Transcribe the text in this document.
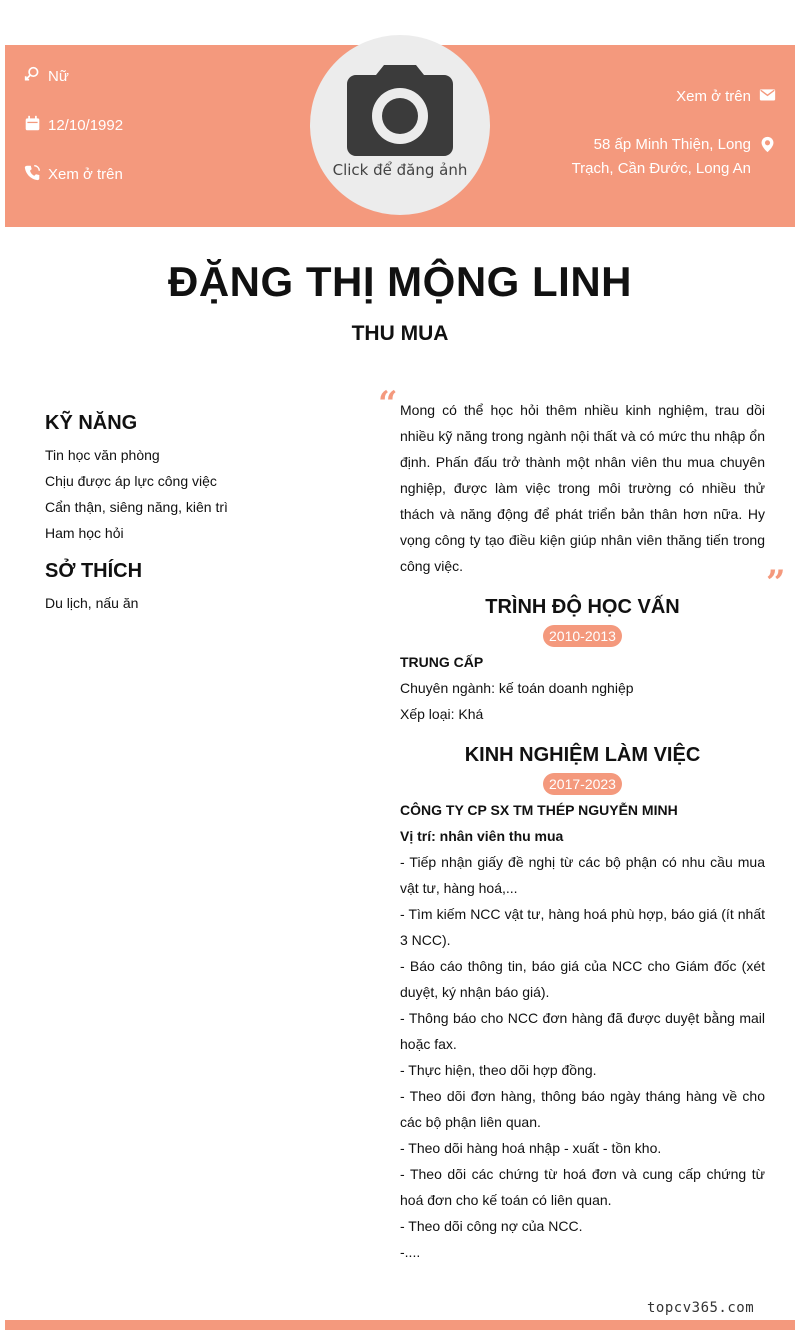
Nữ
12/10/1992
Xem ở trên
Xem ở trên
58 ấp Minh Thiện, Long Trạch, Cần Đước, Long An
Click để đăng ảnh
ĐẶNG THỊ MỘNG LINH
THU MUA
KỸ NĂNG
Tin học văn phòng
Chịu được áp lực công việc
Cẩn thận, siêng năng, kiên trì
Ham học hỏi
SỞ THÍCH
Du lịch, nấu ăn
“ Mong có thể học hỏi thêm nhiều kinh nghiệm, trau dồi nhiều kỹ năng trong ngành nội thất và có mức thu nhập ổn định. Phấn đấu trở thành một nhân viên thu mua chuyên nghiệp, được làm việc trong môi trường có nhiều thử thách và năng động để phát triển bản thân hơn nữa. Hy vọng công ty tạo điều kiện giúp nhân viên thăng tiến trong công việc.	”
TRÌNH ĐỘ HỌC VẤN
2010-2013
TRUNG CẤP
Chuyên ngành: kế toán doanh nghiệp
Xếp loại: Khá
KINH NGHIỆM LÀM VIỆC
2017-2023
CÔNG TY CP SX TM THÉP NGUYỄN MINH
Vị trí: nhân viên thu mua
- Tiếp nhận giấy đề nghị từ các bộ phận có nhu cầu mua vật tư, hàng hoá,...
- Tìm kiếm NCC vật tư, hàng hoá phù hợp, báo giá (ít nhất 3 NCC).
- Báo cáo thông tin, báo giá của NCC cho Giám đốc (xét duyệt, ký nhận báo giá).
- Thông báo cho NCC đơn hàng đã được duyệt bằng mail hoặc fax.
- Thực hiện, theo dõi hợp đồng.
- Theo dõi đơn hàng, thông báo ngày tháng hàng về cho các bộ phận liên quan.
- Theo dõi hàng hoá nhập - xuất - tồn kho.
- Theo dõi các chứng từ hoá đơn và cung cấp chứng từ hoá đơn cho kế toán có liên quan.
- Theo dõi công nợ của NCC.
-....
topcv365.com
